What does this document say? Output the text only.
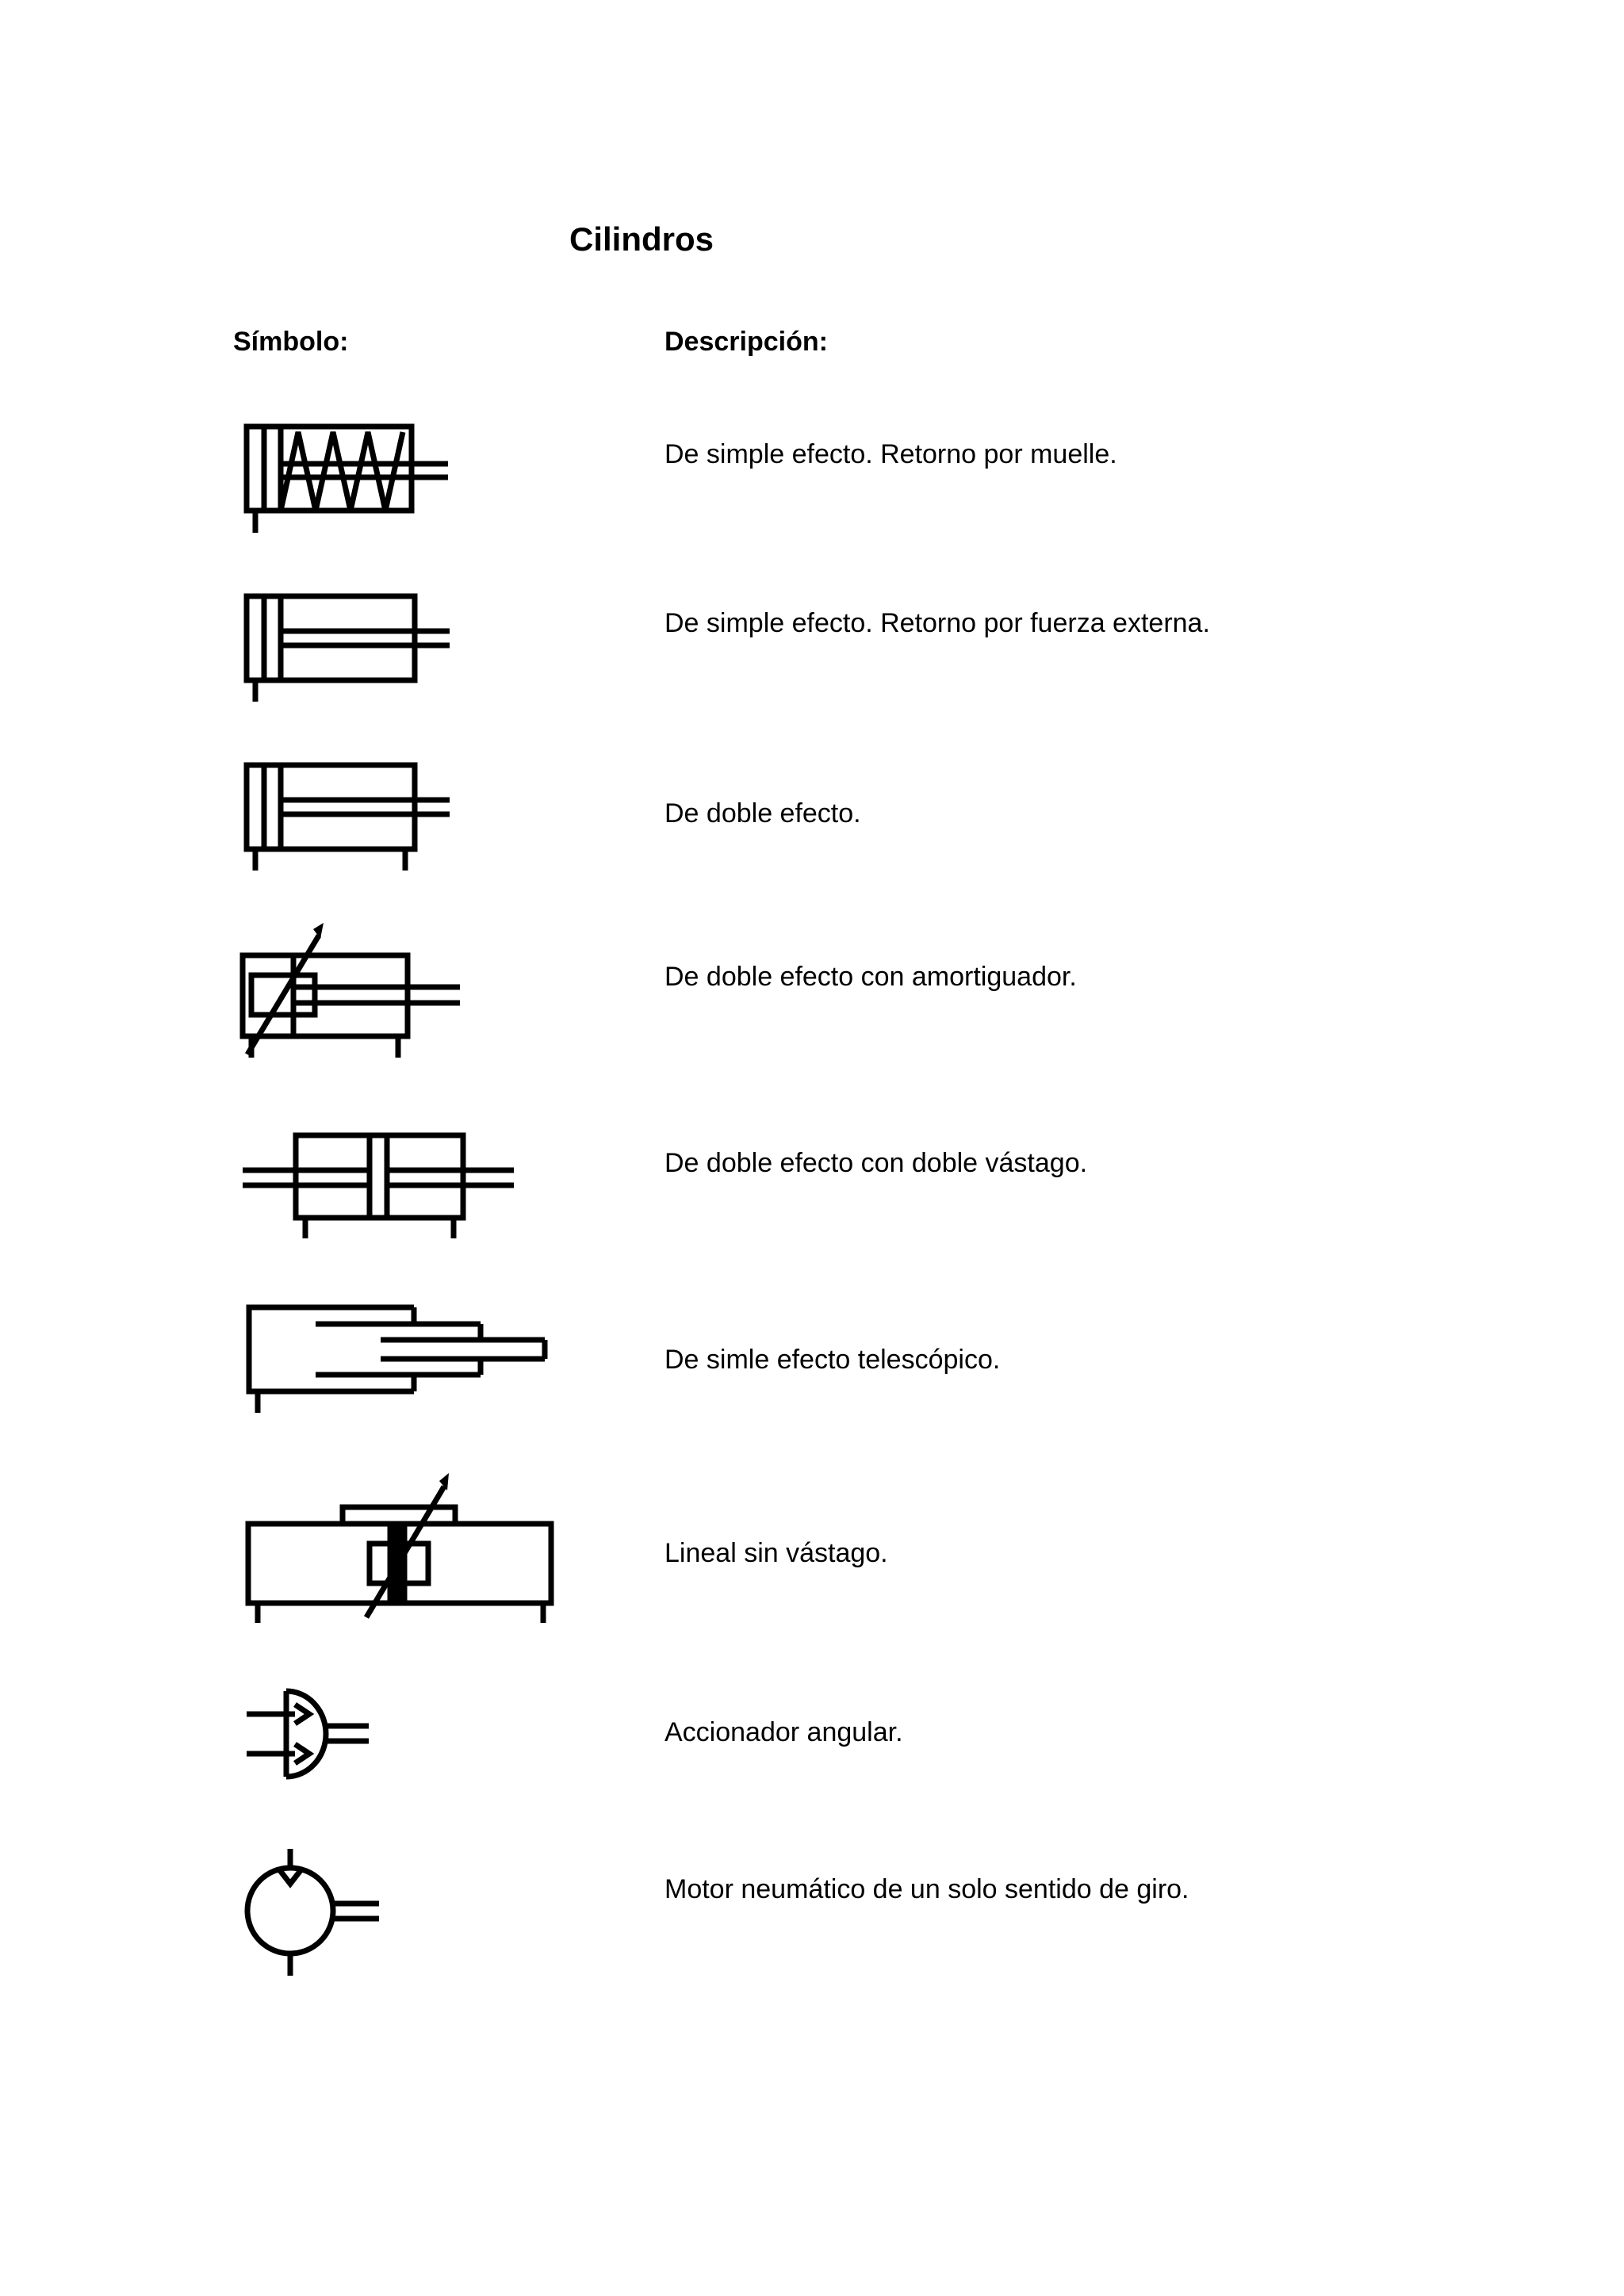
Cilindros
Símbolo:	Descripción:
De simple efecto. Retorno por muelle.
De simple efecto. Retorno por fuerza externa.
De doble efecto.
De doble efecto con amortiguador.
De doble efecto con doble vástago.
De simle efecto telescópico.
Lineal sin vástago.
Accionador angular.
Motor neumático de un solo sentido de giro.
